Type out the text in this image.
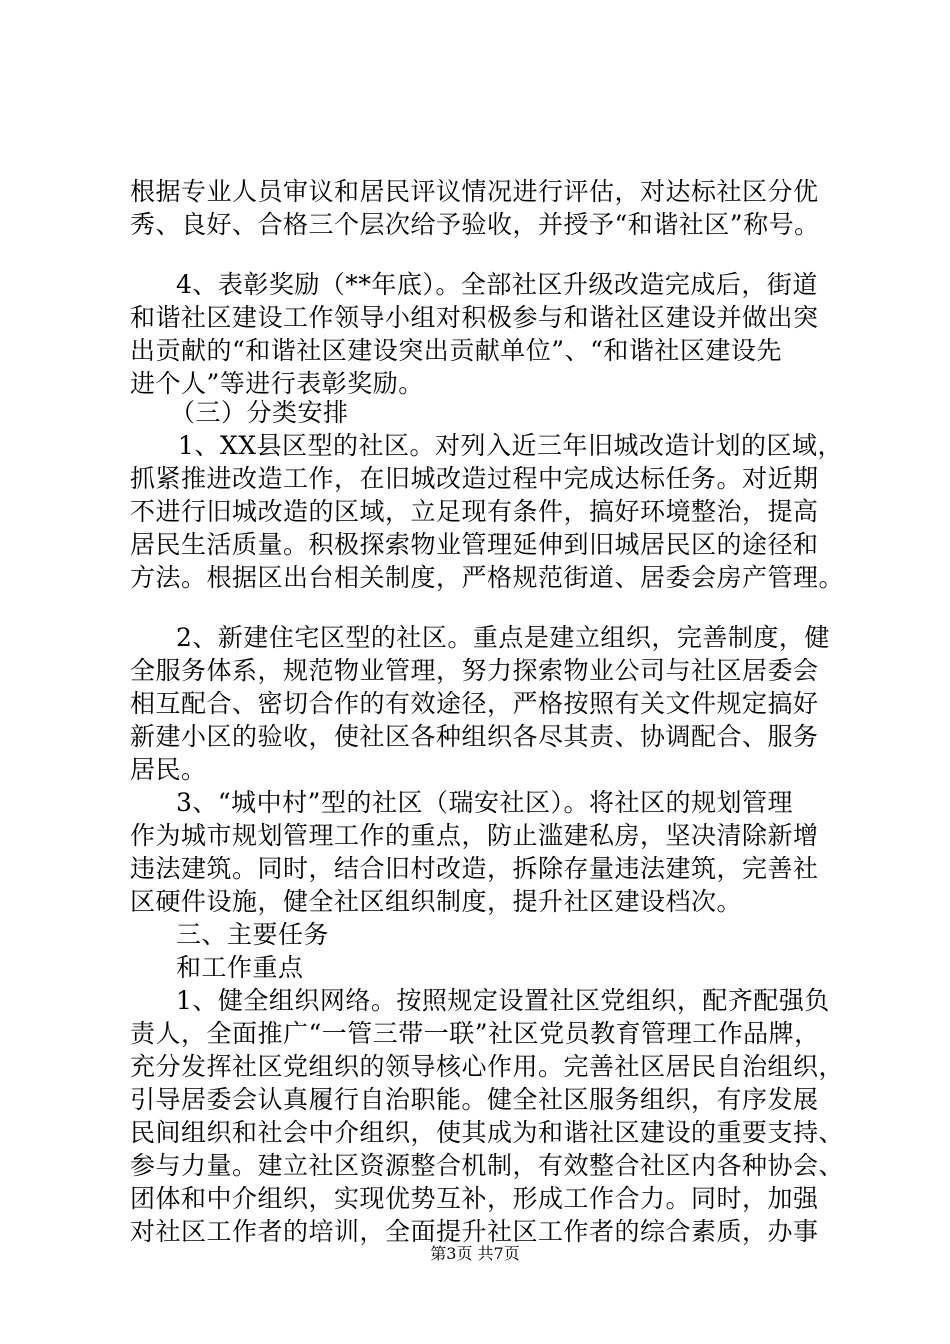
根据专业人员审议和居民评议情况进行评估，对达标社区分优
秀、良好、合格三个层次给予验收，并授予“和谐社区”称号。
4、表彰奖励（**年底）。全部社区升级改造完成后，街道
和谐社区建设工作领导小组对积极参与和谐社区建设并做出突
出贡献的“和谐社区建设突出贡献单位”、“和谐社区建设先
进个人”等进行表彰奖励。
（三）分类安排
1、XX县区型的社区。对列入近三年旧城改造计划的区域，
抓紧推进改造工作，在旧城改造过程中完成达标任务。对近期
不进行旧城改造的区域，立足现有条件，搞好环境整治，提高
居民生活质量。积极探索物业管理延伸到旧城居民区的途径和
方法。根据区出台相关制度，严格规范街道、居委会房产管理。
2、新建住宅区型的社区。重点是建立组织，完善制度，健
全服务体系，规范物业管理，努力探索物业公司与社区居委会
相互配合、密切合作的有效途径，严格按照有关文件规定搞好
新建小区的验收，使社区各种组织各尽其责、协调配合、服务
居民。
3、“城中村”型的社区（瑞安社区）。将社区的规划管理
作为城市规划管理工作的重点，防止滥建私房，坚决清除新增
违法建筑。同时，结合旧村改造，拆除存量违法建筑，完善社
区硬件设施，健全社区组织制度，提升社区建设档次。
三、主要任务
和工作重点
1、健全组织网络。按照规定设置社区党组织，配齐配强负
责人，全面推广“一管三带一联”社区党员教育管理工作品牌，
充分发挥社区党组织的领导核心作用。完善社区居民自治组织，
引导居委会认真履行自治职能。健全社区服务组织，有序发展
民间组织和社会中介组织，使其成为和谐社区建设的重要支持、
参与力量。建立社区资源整合机制，有效整合社区内各种协会、
团体和中介组织，实现优势互补，形成工作合力。同时，加强
对社区工作者的培训，全面提升社区工作者的综合素质，办事
第3页 共7页
